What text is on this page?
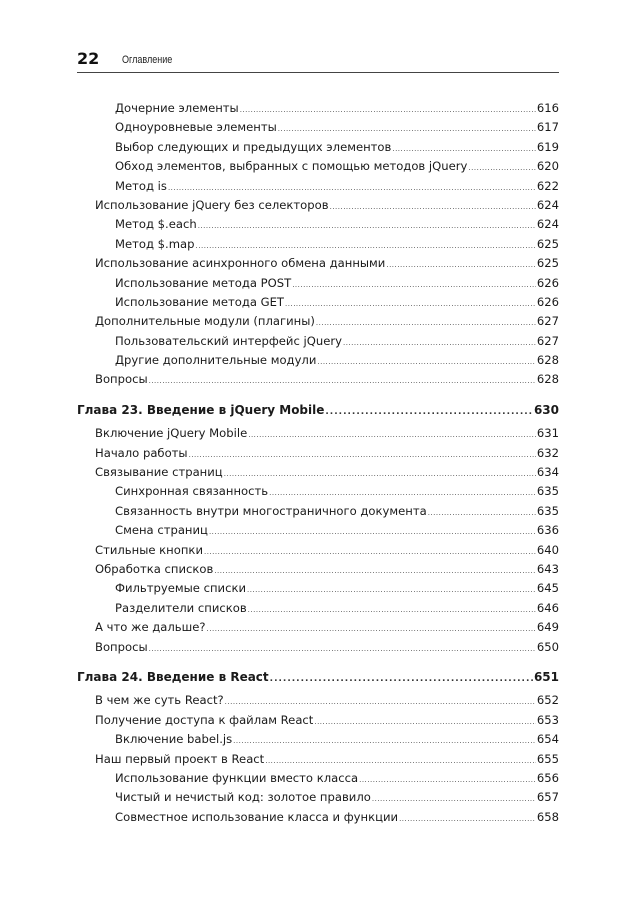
22 Оглавление
Дочерние элементы .....	616
Одноуровневые элементы .....	617
Выбор следующих и предыдущих элементов .....	619
Обход элементов, выбранных с помощью методов jQuery .....	620
Метод is .....	622
Использование jQuery без селекторов .....	624
Метод $.each .....	624
Метод $.map .....	625
Использование асинхронного обмена данными .....	625
Использование метода POST .....	626
Использование метода GET .....	626
Дополнительные модули (плагины) .....	627
Пользовательский интерфейс jQuery .....	627
Другие дополнительные модули .....	628
Вопросы .....	628
Глава 23. Введение в jQuery Mobile .....	630
Включение jQuery Mobile .....	631
Начало работы .....	632
Связывание страниц .....	634
Синхронная связанность .....	635
Связанность внутри многостраничного документа .....	635
Смена страниц .....	636
Стильные кнопки .....	640
Обработка списков .....	643
Фильтруемые списки .....	645
Разделители списков .....	646
А что же дальше? .....	649
Вопросы .....	650
Глава 24. Введение в React .....	651
В чем же суть React? .....	652
Получение доступа к файлам React .....	653
Включение babel.js .....	654
Наш первый проект в React .....	655
Использование функции вместо класса .....	656
Чистый и нечистый код: золотое правило .....	657
Совместное использование класса и функции .....	658
